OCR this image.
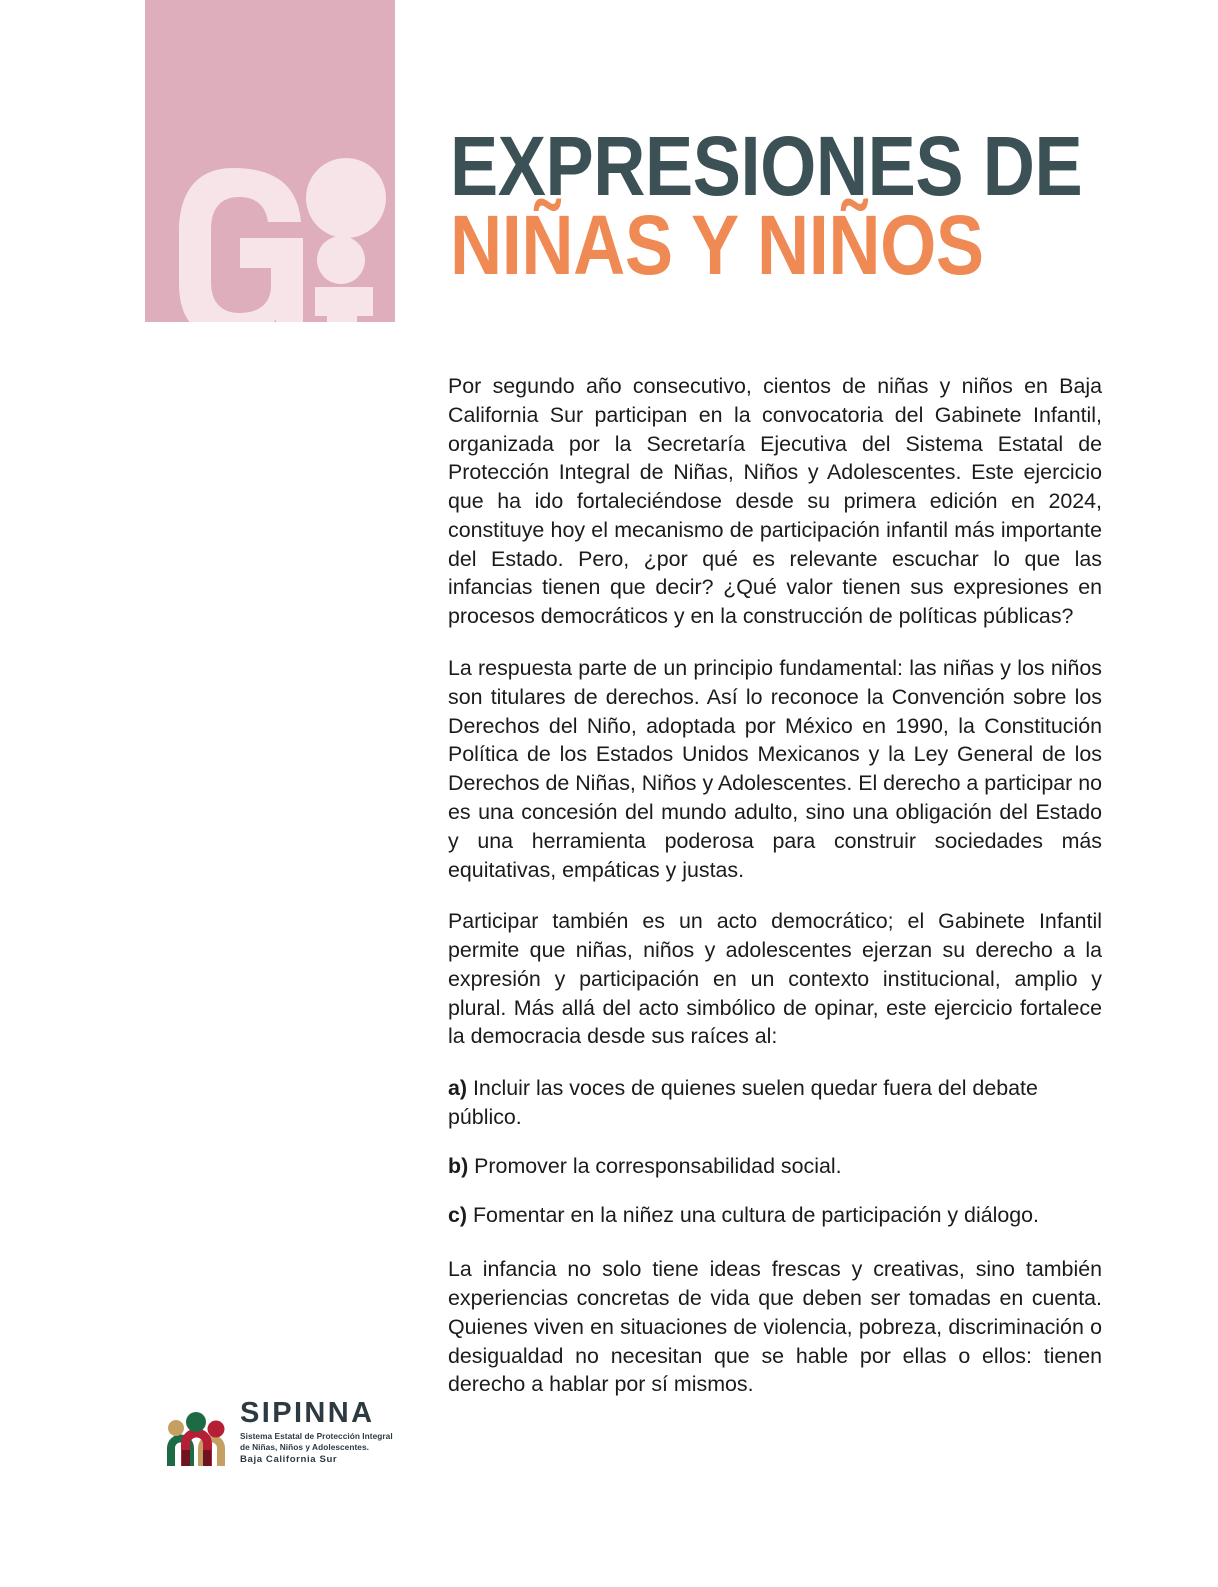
EXPRESIONES DE
NIÑAS Y NIÑOS

Por segundo año consecutivo, cientos de niñas y niños en Baja California Sur participan en la convocatoria del Gabinete Infantil, organizada por la Secretaría Ejecutiva del Sistema Estatal de Protección Integral de Niñas, Niños y Adolescentes. Este ejercicio que ha ido fortaleciéndose desde su primera edición en 2024, constituye hoy el mecanismo de participación infantil más importante del Estado. Pero, ¿por qué es relevante escuchar lo que las infancias tienen que decir? ¿Qué valor tienen sus expresiones en procesos democráticos y en la construcción de políticas públicas?

La respuesta parte de un principio fundamental: las niñas y los niños son titulares de derechos. Así lo reconoce la Convención sobre los Derechos del Niño, adoptada por México en 1990, la Constitución Política de los Estados Unidos Mexicanos y la Ley General de los Derechos de Niñas, Niños y Adolescentes. El derecho a participar no es una concesión del mundo adulto, sino una obligación del Estado y una herramienta poderosa para construir sociedades más equitativas, empáticas y justas.

Participar también es un acto democrático; el Gabinete Infantil permite que niñas, niños y adolescentes ejerzan su derecho a la expresión y participación en un contexto institucional, amplio y plural. Más allá del acto simbólico de opinar, este ejercicio fortalece la democracia desde sus raíces al:

a) Incluir las voces de quienes suelen quedar fuera del debate público.

b) Promover la corresponsabilidad social.

c) Fomentar en la niñez una cultura de participación y diálogo.

La infancia no solo tiene ideas frescas y creativas, sino también experiencias concretas de vida que deben ser tomadas en cuenta. Quienes viven en situaciones de violencia, pobreza, discriminación o desigualdad no necesitan que se hable por ellas o ellos: tienen derecho a hablar por sí mismos.

SIPINNA
Sistema Estatal de Protección Integral
de Niñas, Niños y Adolescentes.
Baja California Sur
